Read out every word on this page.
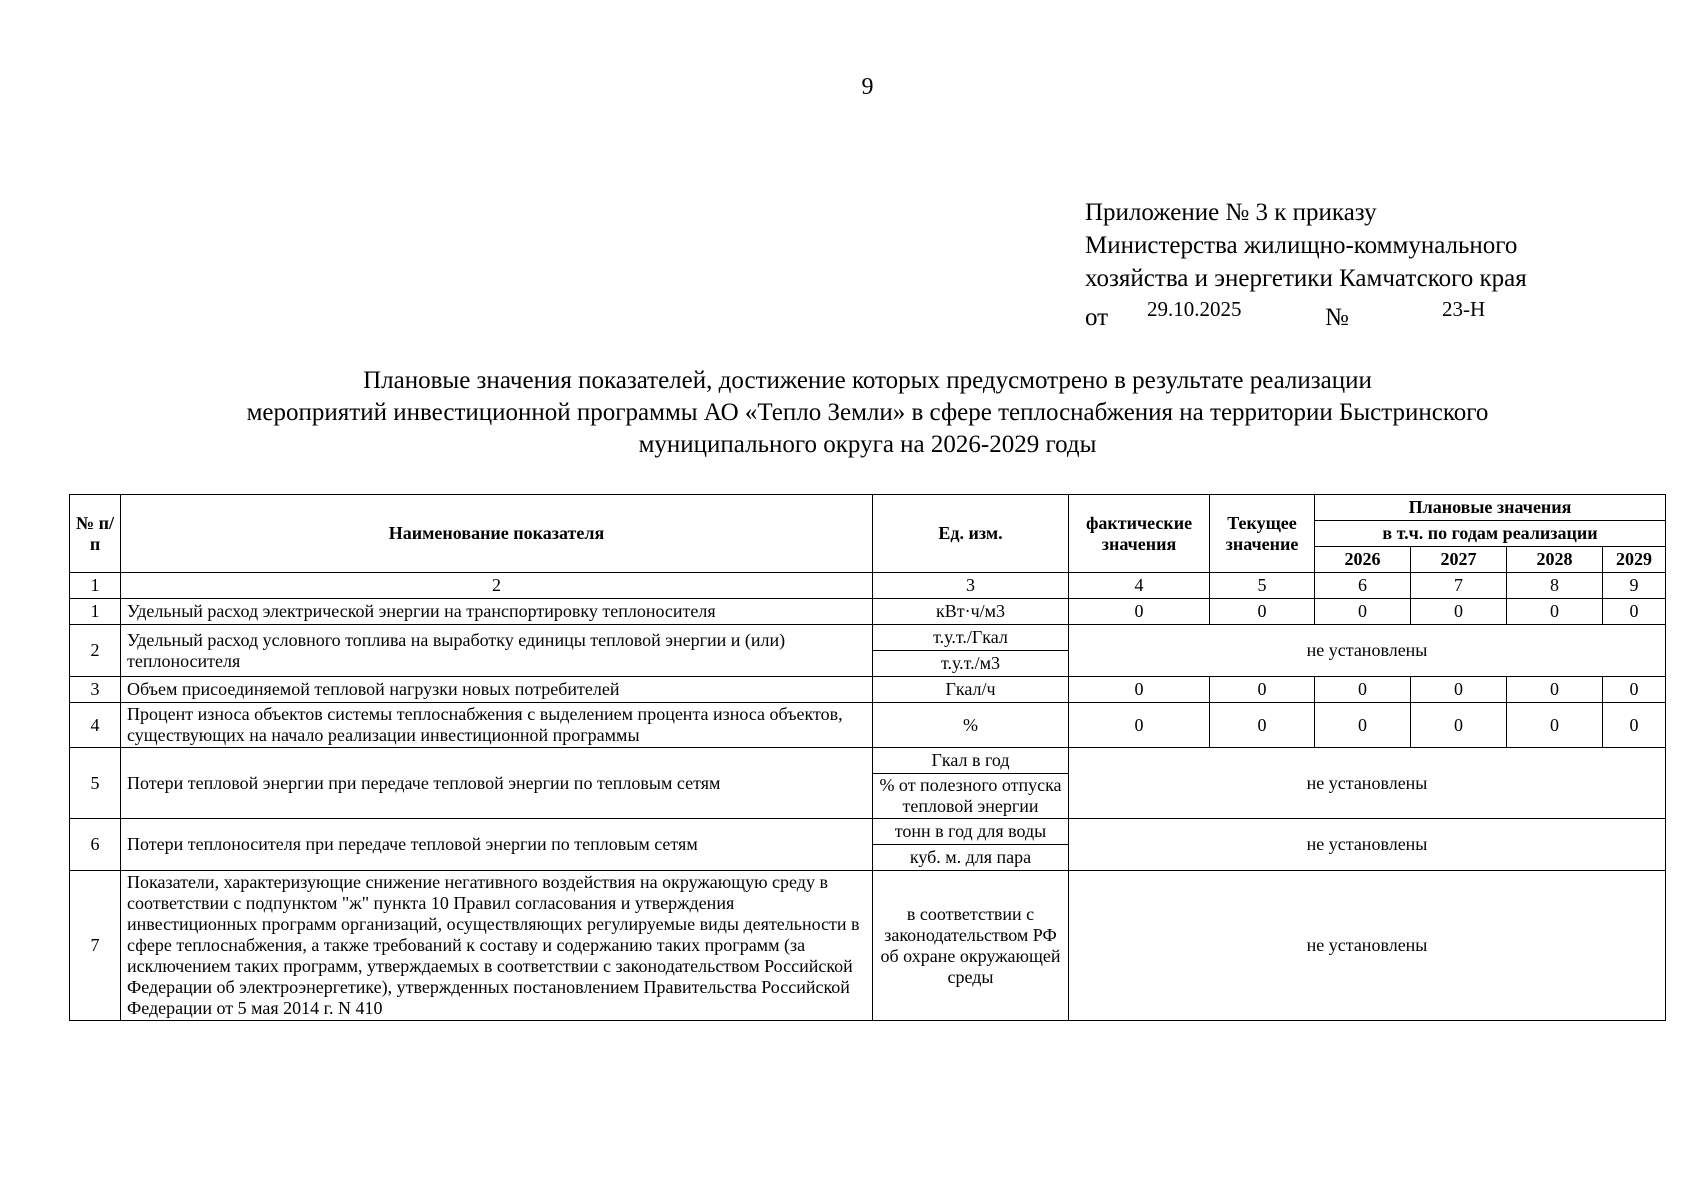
9
Приложение № 3 к приказу
Министерства жилищно-коммунального
хозяйства и энергетики Камчатского края
от 29.10.2025	№	23-Н
Плановые значения показателей, достижение которых предусмотрено в результате реализации
мероприятий инвестиционной программы АО «Тепло Земли» в сфере теплоснабжения на территории Быстринского
муниципального округа на 2026-2029 годы
№ п/п	Наименование показателя	Ед. изм.	фактические значения	Текущее значение	Плановые значения			
					в т.ч. по годам реализации			
					2026	2027	2028	2029
1	2	3	4	5	6	7	8	9
1	Удельный расход электрической энергии на транспортировку теплоносителя	кВт·ч/м3	0	0	0	0	0	0
2	Удельный расход условного топлива на выработку единицы тепловой энергии и (или) теплоносителя	т.у.т./Гкал	не установлены					
		т.у.т./м3						
3	Объем присоединяемой тепловой нагрузки новых потребителей	Гкал/ч	0	0	0	0	0	0
4	Процент износа объектов системы теплоснабжения с выделением процента износа объектов, существующих на начало реализации инвестиционной программы	%	0	0	0	0	0	0
5	Потери тепловой энергии при передаче тепловой энергии по тепловым сетям	Гкал в год	не установлены					
		% от полезного отпуска тепловой энергии						
6	Потери теплоносителя при передаче тепловой энергии по тепловым сетям	тонн в год для воды	не установлены					
		куб. м. для пара						
7	Показатели, характеризующие снижение негативного воздействия на окружающую среду в соответствии с подпунктом "ж" пункта 10 Правил согласования и утверждения инвестиционных программ организаций, осуществляющих регулируемые виды деятельности в сфере теплоснабжения, а также требований к составу и содержанию таких программ (за исключением таких программ, утверждаемых в соответствии с законодательством Российской Федерации об электроэнергетике), утвержденных постановлением Правительства Российской Федерации от 5 мая 2014 г. N 410	в соответствии с законодательством РФ об охране окружающей среды	не установлены					
